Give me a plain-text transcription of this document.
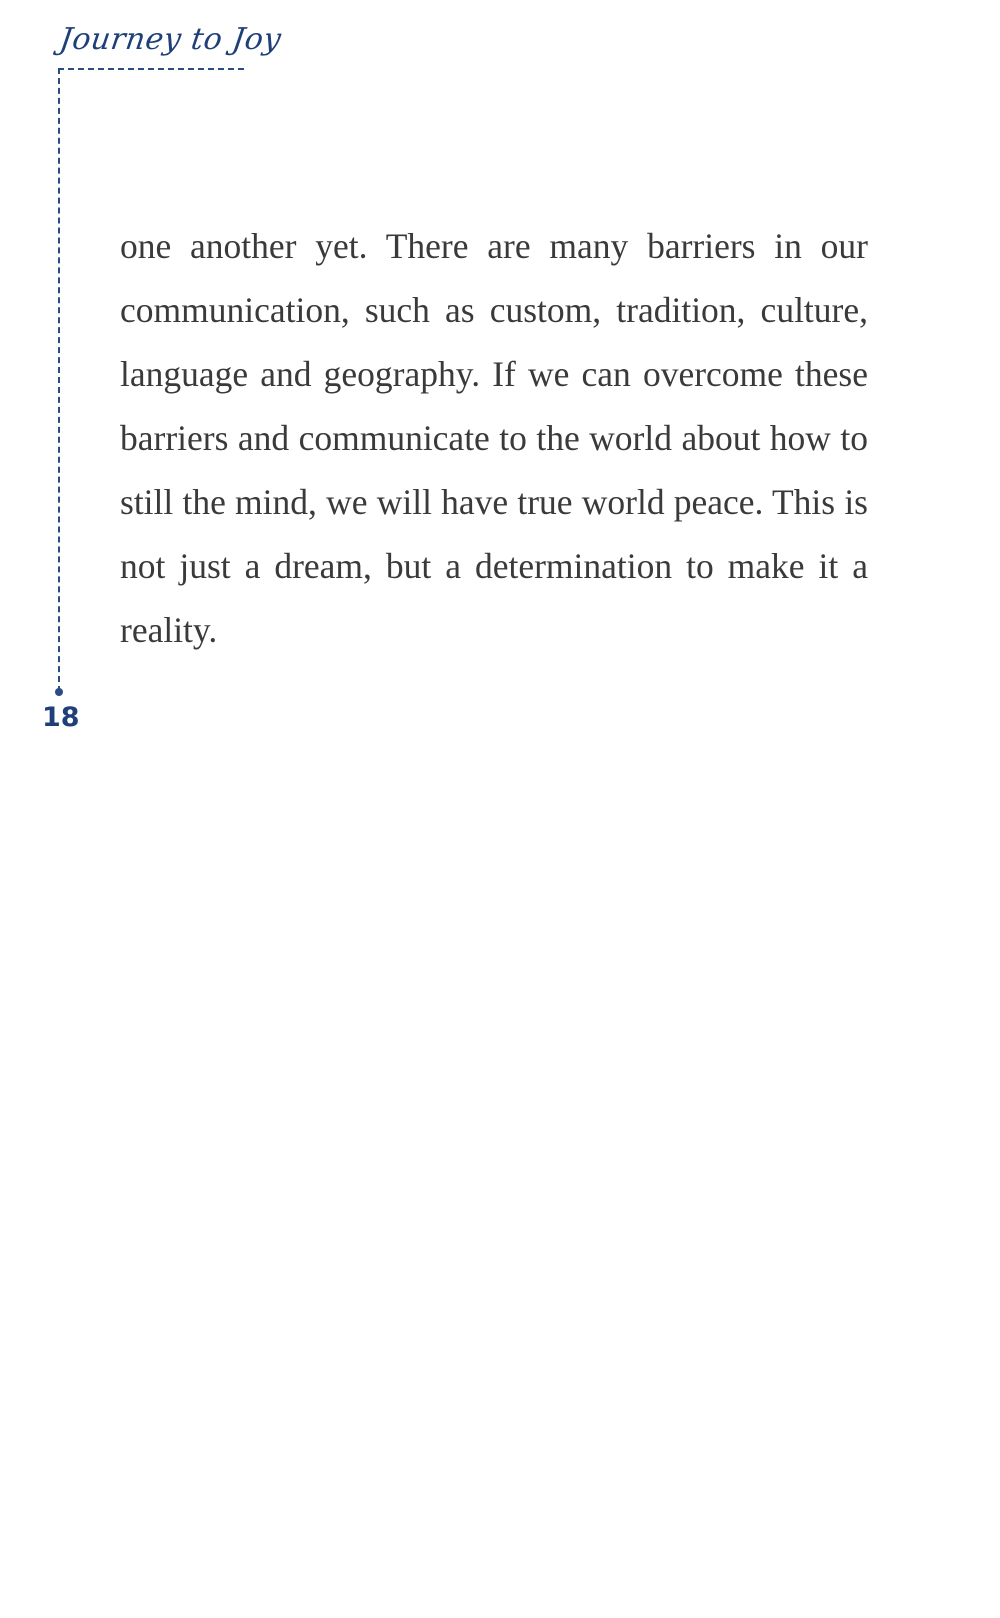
Journey to Joy
18

one another yet. There are many barriers in our communication, such as custom, tradition, culture, language and geography. If we can overcome these barriers and communicate to the world about how to still the mind, we will have true world peace. This is not just a dream, but a determination to make it a reality.
